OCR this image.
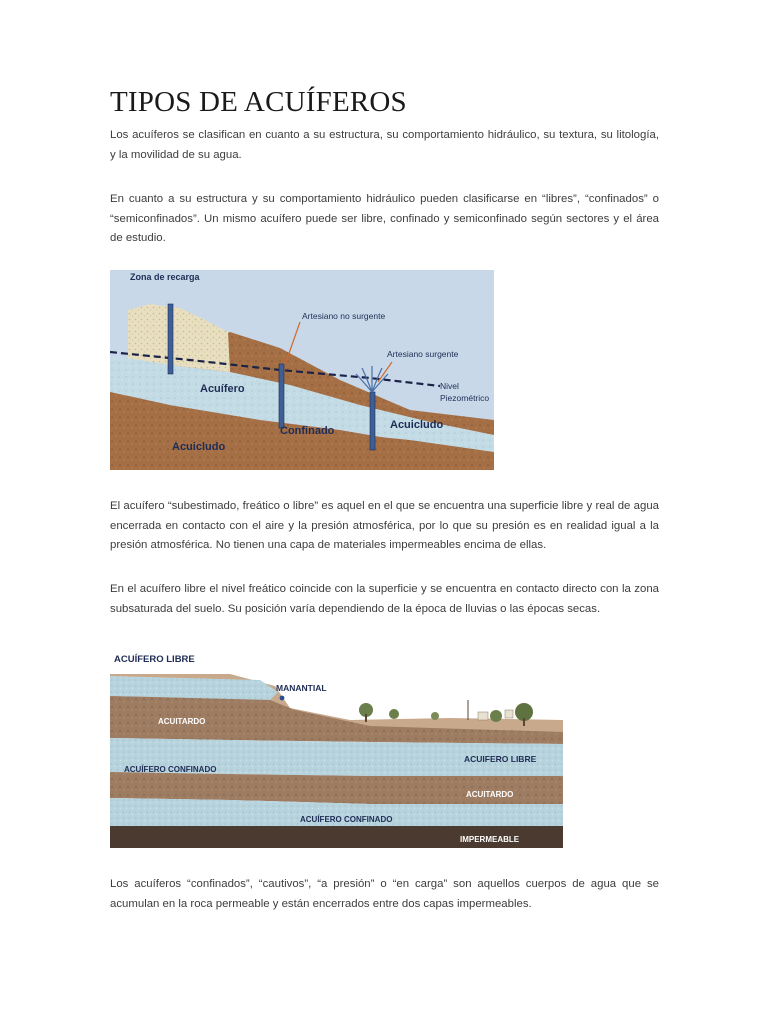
TIPOS DE ACUÍFEROS

Los acuíferos se clasifican en cuanto a su estructura, su comportamiento hidráulico, su textura, su litología, y la movilidad de su agua.

En cuanto a su estructura y su comportamiento hidráulico pueden clasificarse en “libres”, “confinados” o “semiconfinados”. Un mismo acuífero puede ser libre, confinado y semiconfinado según sectores y el área de estudio.

Zona de recarga
Artesiano no surgente
Artesiano surgente
Nivel
Piezométrico
Acuífero
Confinado	Acuicludo
Acuicludo

El acuífero “subestimado, freático o libre” es aquel en el que se encuentra una superficie libre y real de agua encerrada en contacto con el aire y la presión atmosférica, por lo que su presión es en realidad igual a la presión atmosférica. No tienen una capa de materiales impermeables encima de ellas.

En el acuífero libre el nivel freático coincide con la superficie y se encuentra en contacto directo con la zona subsaturada del suelo. Su posición varía dependiendo de la época de lluvias o las épocas secas.

ACUÍFERO LIBRE
MANANTIAL
ACUITARDO
ACUÍFERO CONFINADO
ACUIFERO LIBRE
ACUITARDO
ACUÍFERO CONFINADO
IMPERMEABLE

Los acuíferos “confinados”, “cautivos”, “a presión” o “en carga” son aquellos cuerpos de agua que se acumulan en la roca permeable y están encerrados entre dos capas impermeables.
